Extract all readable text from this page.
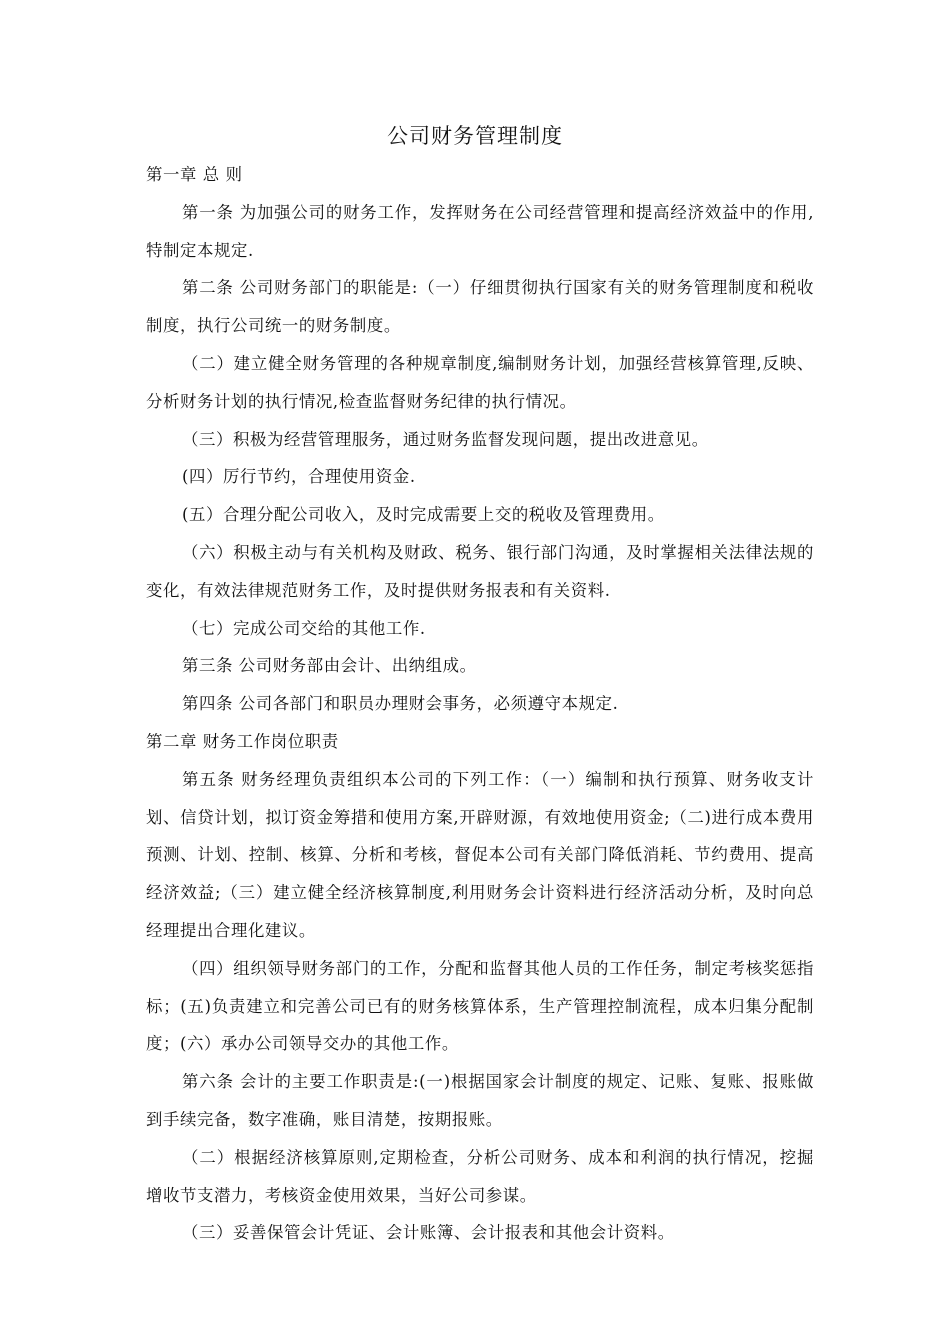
公司财务管理制度

第一章 总 则

第一条 为加强公司的财务工作，发挥财务在公司经营管理和提高经济效益中的作用,特制定本规定.

第二条 公司财务部门的职能是:（一）仔细贯彻执行国家有关的财务管理制度和税收制度，执行公司统一的财务制度。

（二）建立健全财务管理的各种规章制度,编制财务计划，加强经营核算管理,反映、分析财务计划的执行情况,检查监督财务纪律的执行情况。

（三）积极为经营管理服务，通过财务监督发现问题，提出改进意见。

(四）厉行节约，合理使用资金.

(五）合理分配公司收入，及时完成需要上交的税收及管理费用。

（六）积极主动与有关机构及财政、税务、银行部门沟通，及时掌握相关法律法规的变化，有效法律规范财务工作，及时提供财务报表和有关资料.

（七）完成公司交给的其他工作.

第三条 公司财务部由会计、出纳组成。

第四条 公司各部门和职员办理财会事务，必须遵守本规定.

第二章 财务工作岗位职责

第五条 财务经理负责组织本公司的下列工作：（一）编制和执行预算、财务收支计划、信贷计划，拟订资金筹措和使用方案,开辟财源，有效地使用资金;（二)进行成本费用预测、计划、控制、核算、分析和考核，督促本公司有关部门降低消耗、节约费用、提高经济效益;（三）建立健全经济核算制度,利用财务会计资料进行经济活动分析，及时向总经理提出合理化建议。

（四）组织领导财务部门的工作，分配和监督其他人员的工作任务，制定考核奖惩指标；(五)负责建立和完善公司已有的财务核算体系，生产管理控制流程，成本归集分配制度；(六）承办公司领导交办的其他工作。

第六条 会计的主要工作职责是:(一)根据国家会计制度的规定、记账、复账、报账做到手续完备，数字准确，账目清楚，按期报账。

（二）根据经济核算原则,定期检查，分析公司财务、成本和利润的执行情况，挖掘增收节支潜力，考核资金使用效果，当好公司参谋。

（三）妥善保管会计凭证、会计账簿、会计报表和其他会计资料。
